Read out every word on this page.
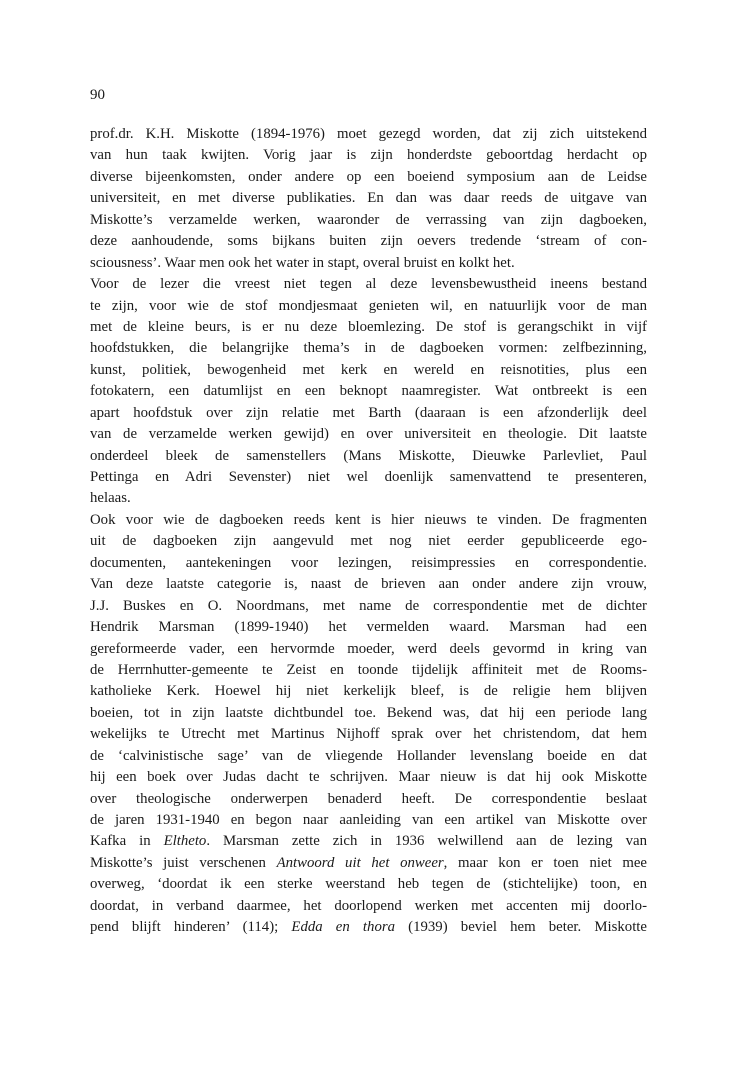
90
prof.dr. K.H. Miskotte (1894-1976) moet gezegd worden, dat zij zich uitstekend
van hun taak kwijten. Vorig jaar is zijn honderdste geboortdag herdacht op
diverse bijeenkomsten, onder andere op een boeiend symposium aan de Leidse
universiteit, en met diverse publikaties. En dan was daar reeds de uitgave van
Miskotte’s verzamelde werken, waaronder de verrassing van zijn dagboeken,
deze aanhoudende, soms bijkans buiten zijn oevers tredende ‘stream of con-
sciousness’. Waar men ook het water in stapt, overal bruist en kolkt het.
Voor de lezer die vreest niet tegen al deze levensbewustheid ineens bestand
te zijn, voor wie de stof mondjesmaat genieten wil, en natuurlijk voor de man
met de kleine beurs, is er nu deze bloemlezing. De stof is gerangschikt in vijf
hoofdstukken, die belangrijke thema’s in de dagboeken vormen: zelfbezinning,
kunst, politiek, bewogenheid met kerk en wereld en reisnotities, plus een
fotokatern, een datumlijst en een beknopt naamregister. Wat ontbreekt is een
apart hoofdstuk over zijn relatie met Barth (daaraan is een afzonderlijk deel
van de verzamelde werken gewijd) en over universiteit en theologie. Dit laatste
onderdeel bleek de samenstellers (Mans Miskotte, Dieuwke Parlevliet, Paul
Pettinga en Adri Sevenster) niet wel doenlijk samenvattend te presenteren,
helaas.
Ook voor wie de dagboeken reeds kent is hier nieuws te vinden. De fragmenten
uit de dagboeken zijn aangevuld met nog niet eerder gepubliceerde ego-
documenten, aantekeningen voor lezingen, reisimpressies en correspondentie.
Van deze laatste categorie is, naast de brieven aan onder andere zijn vrouw,
J.J. Buskes en O. Noordmans, met name de correspondentie met de dichter
Hendrik Marsman (1899-1940) het vermelden waard. Marsman had een
gereformeerde vader, een hervormde moeder, werd deels gevormd in kring van
de Herrnhutter-gemeente te Zeist en toonde tijdelijk affiniteit met de Rooms-
katholieke Kerk. Hoewel hij niet kerkelijk bleef, is de religie hem blijven
boeien, tot in zijn laatste dichtbundel toe. Bekend was, dat hij een periode lang
wekelijks te Utrecht met Martinus Nijhoff sprak over het christendom, dat hem
de ‘calvinistische sage’ van de vliegende Hollander levenslang boeide en dat
hij een boek over Judas dacht te schrijven. Maar nieuw is dat hij ook Miskotte
over theologische onderwerpen benaderd heeft. De correspondentie beslaat
de jaren 1931-1940 en begon naar aanleiding van een artikel van Miskotte over
Kafka in Eltheto. Marsman zette zich in 1936 welwillend aan de lezing van
Miskotte’s juist verschenen Antwoord uit het onweer, maar kon er toen niet mee
overweg, ‘doordat ik een sterke weerstand heb tegen de (stichtelijke) toon, en
doordat, in verband daarmee, het doorlopend werken met accenten mij doorlo-
pend blijft hinderen’ (114); Edda en thora (1939) beviel hem beter. Miskotte
